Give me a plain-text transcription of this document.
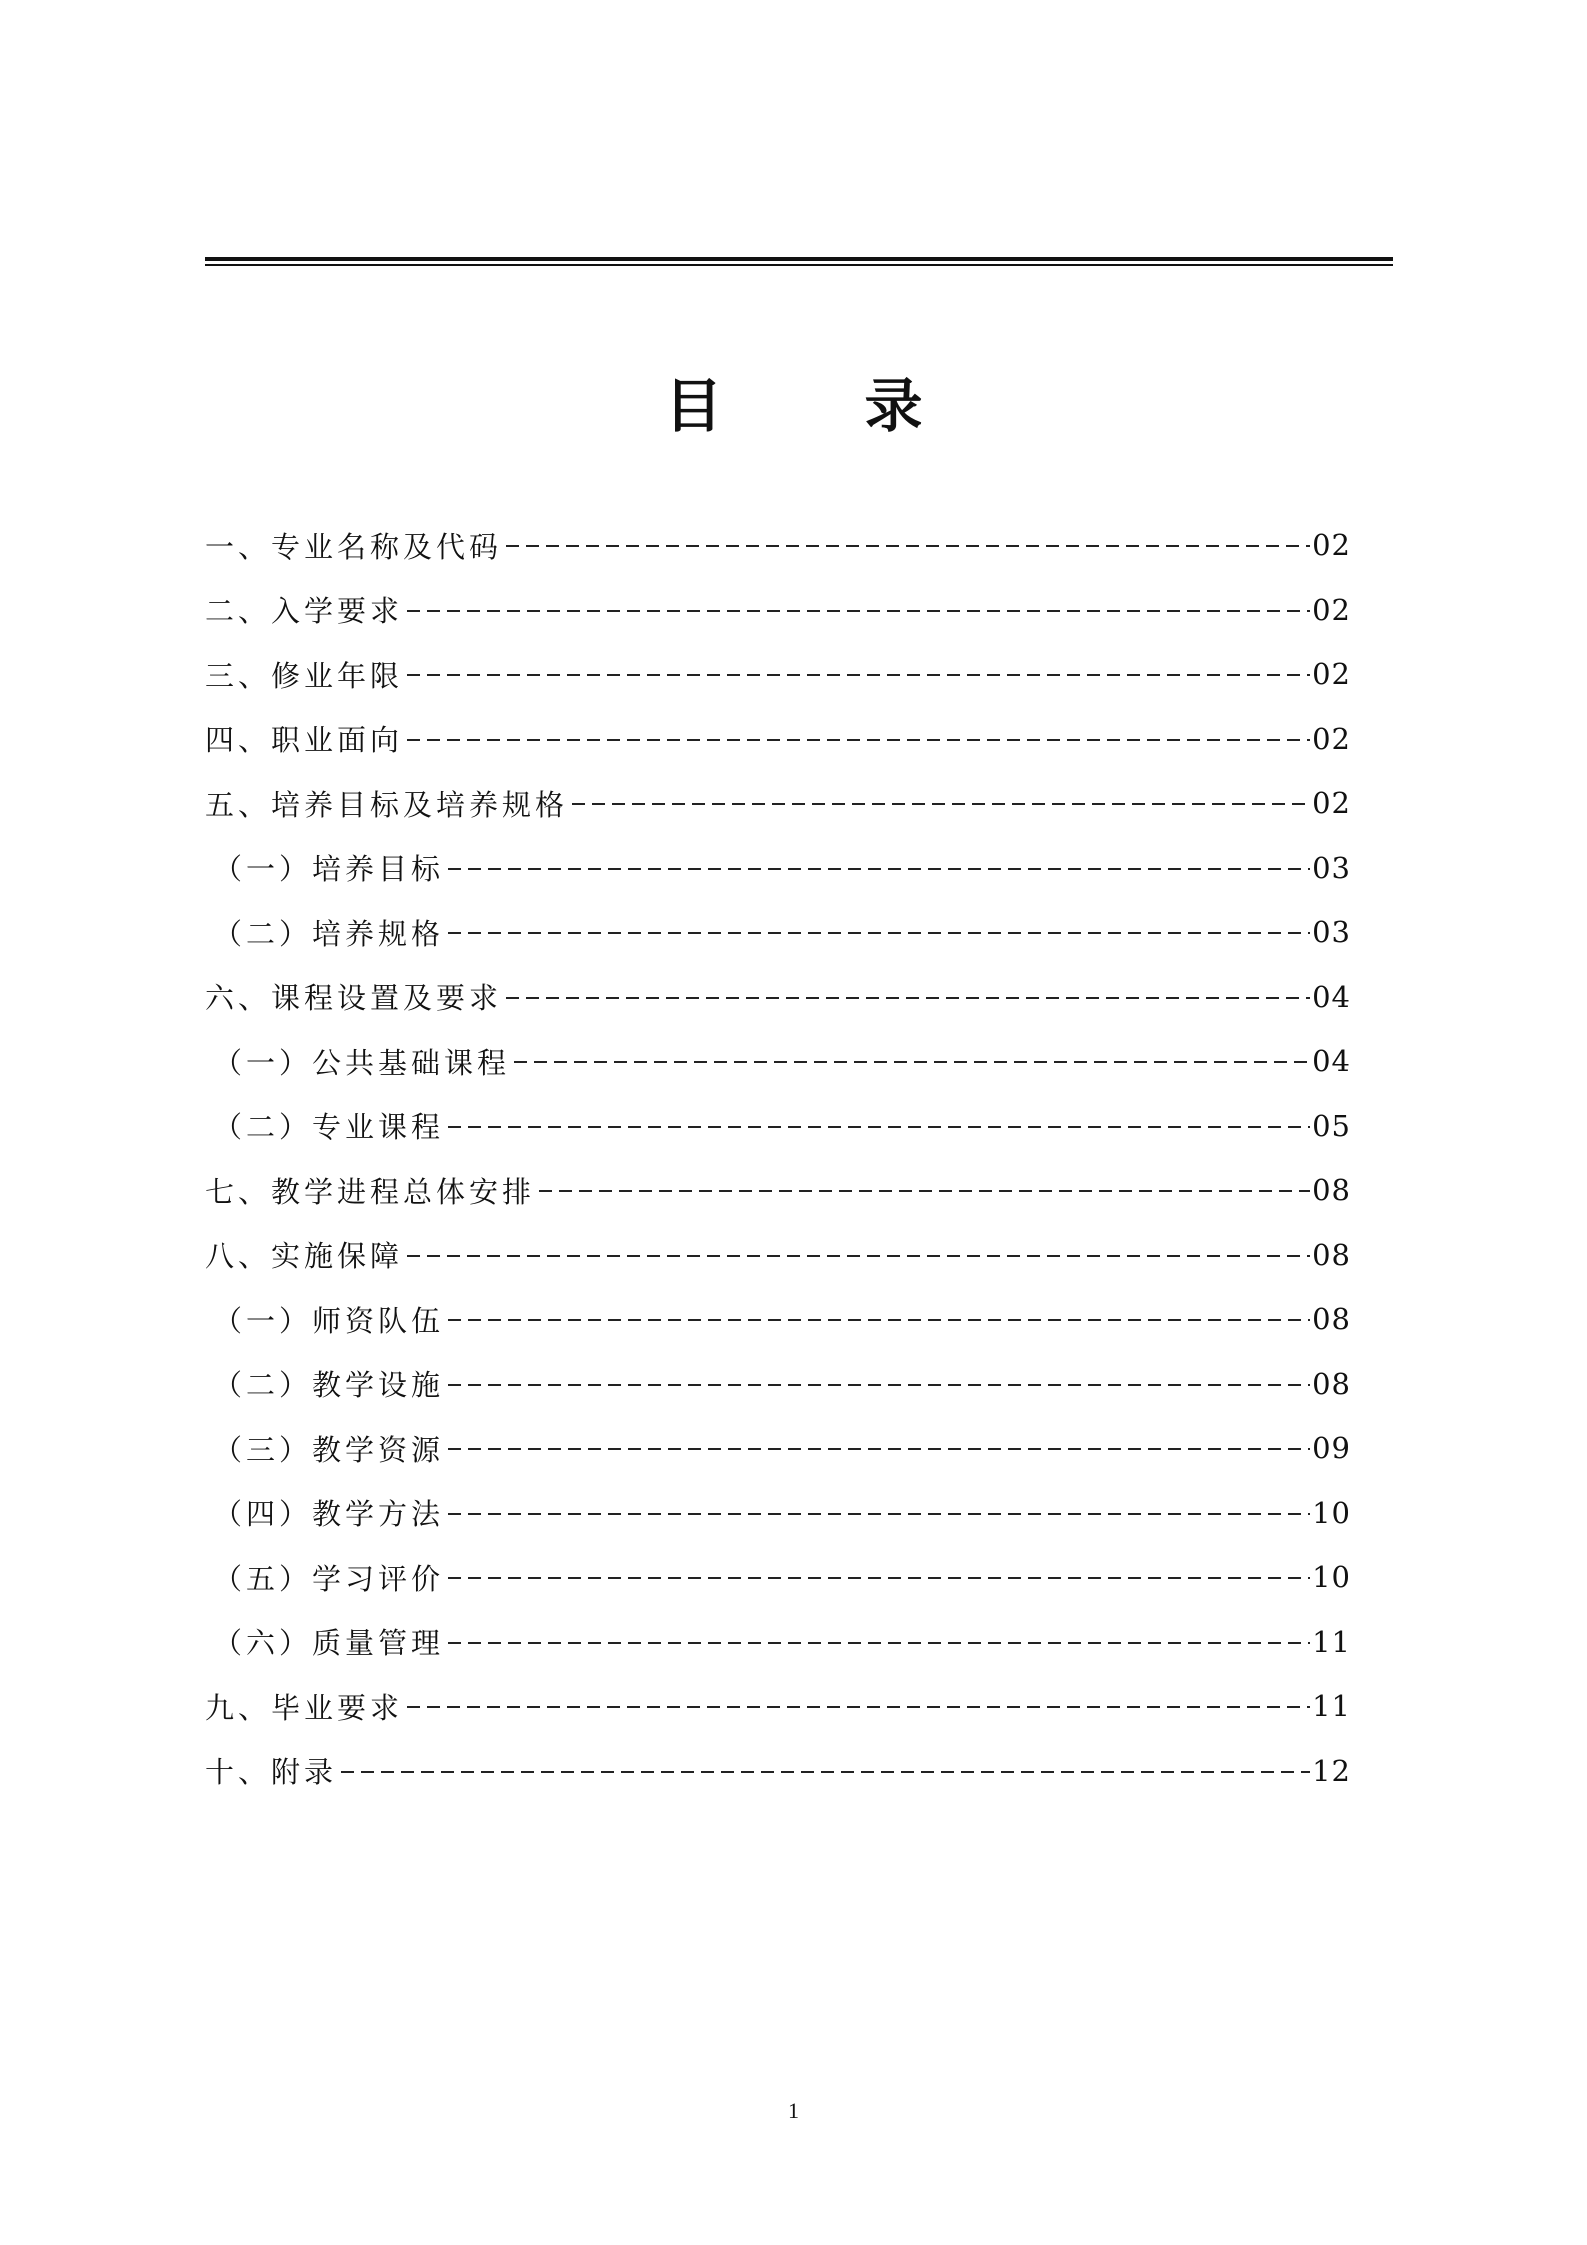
目录
一、专业名称及代码	02
二、入学要求	02
三、修业年限	02
四、职业面向	02
五、培养目标及培养规格	02
（一）培养目标	03
（二）培养规格	03
六、课程设置及要求	04
（一）公共基础课程	04
（二）专业课程	05
七、教学进程总体安排	08
八、实施保障	08
（一）师资队伍	08
（二）教学设施	08
（三）教学资源	09
（四）教学方法	10
（五）学习评价	10
（六）质量管理	11
九、毕业要求	11
十、附录	12
1
